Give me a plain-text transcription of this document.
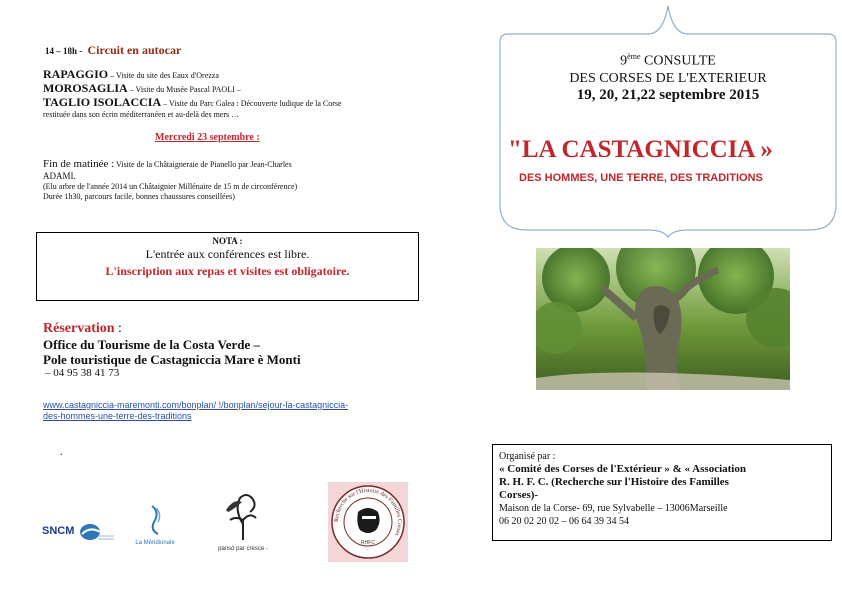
14 – 18h - Circuit en autocar
RAPAGGIO – Visite du site des Eaux d'Orezza
MOROSAGLIA – Visite du Musée Pascal PAOLI –
TAGLIO ISOLACCIA – Visite du Parc Galea : Découverte ludique de la Corse
restituée dans son écrin méditerranéen et au-delà des mers …
Mercredi 23 septembre :
Fin de matinée : Visite de la Châtaigneraie de Pianello par Jean-Charles
ADAMI.
(Elu arbre de l'année 2014 un Châtaignier Millénaire de 15 m de circonférence)
Durée 1h30, parcours facile, bonnes chaussures conseillées)
NOTA :
L'entrée aux conférences est libre.
L'inscription aux repas et visites est obligatoire.
Réservation :
Office du Tourisme de la Costa Verde –
Pole touristique de Castagniccia Mare è Monti
– 04 95 38 41 73
www.castagniccia-maremonti.com/bonplan/ !/bonplan/sejour-la-castagniccia-
des-hommes-une-terre-des-traditions
.
SNCM
La Méridionale
pansò par cresce -
Recherche sur l'Histoire des Familles Corses
RHFC
9ème CONSULTE
DES CORSES DE L'EXTERIEUR
19, 20, 21,22 septembre 2015
"LA CASTAGNICCIA »
DES HOMMES, UNE TERRE, DES TRADITIONS
Organisé par :
« Comité des Corses de l'Extérieur » & « Association
R. H. F. C. (Recherche sur l'Histoire des Familles
Corses)-
Maison de la Corse- 69, rue Sylvabelle – 13006Marseille
06 20 02 20 02 – 06 64 39 34 54
